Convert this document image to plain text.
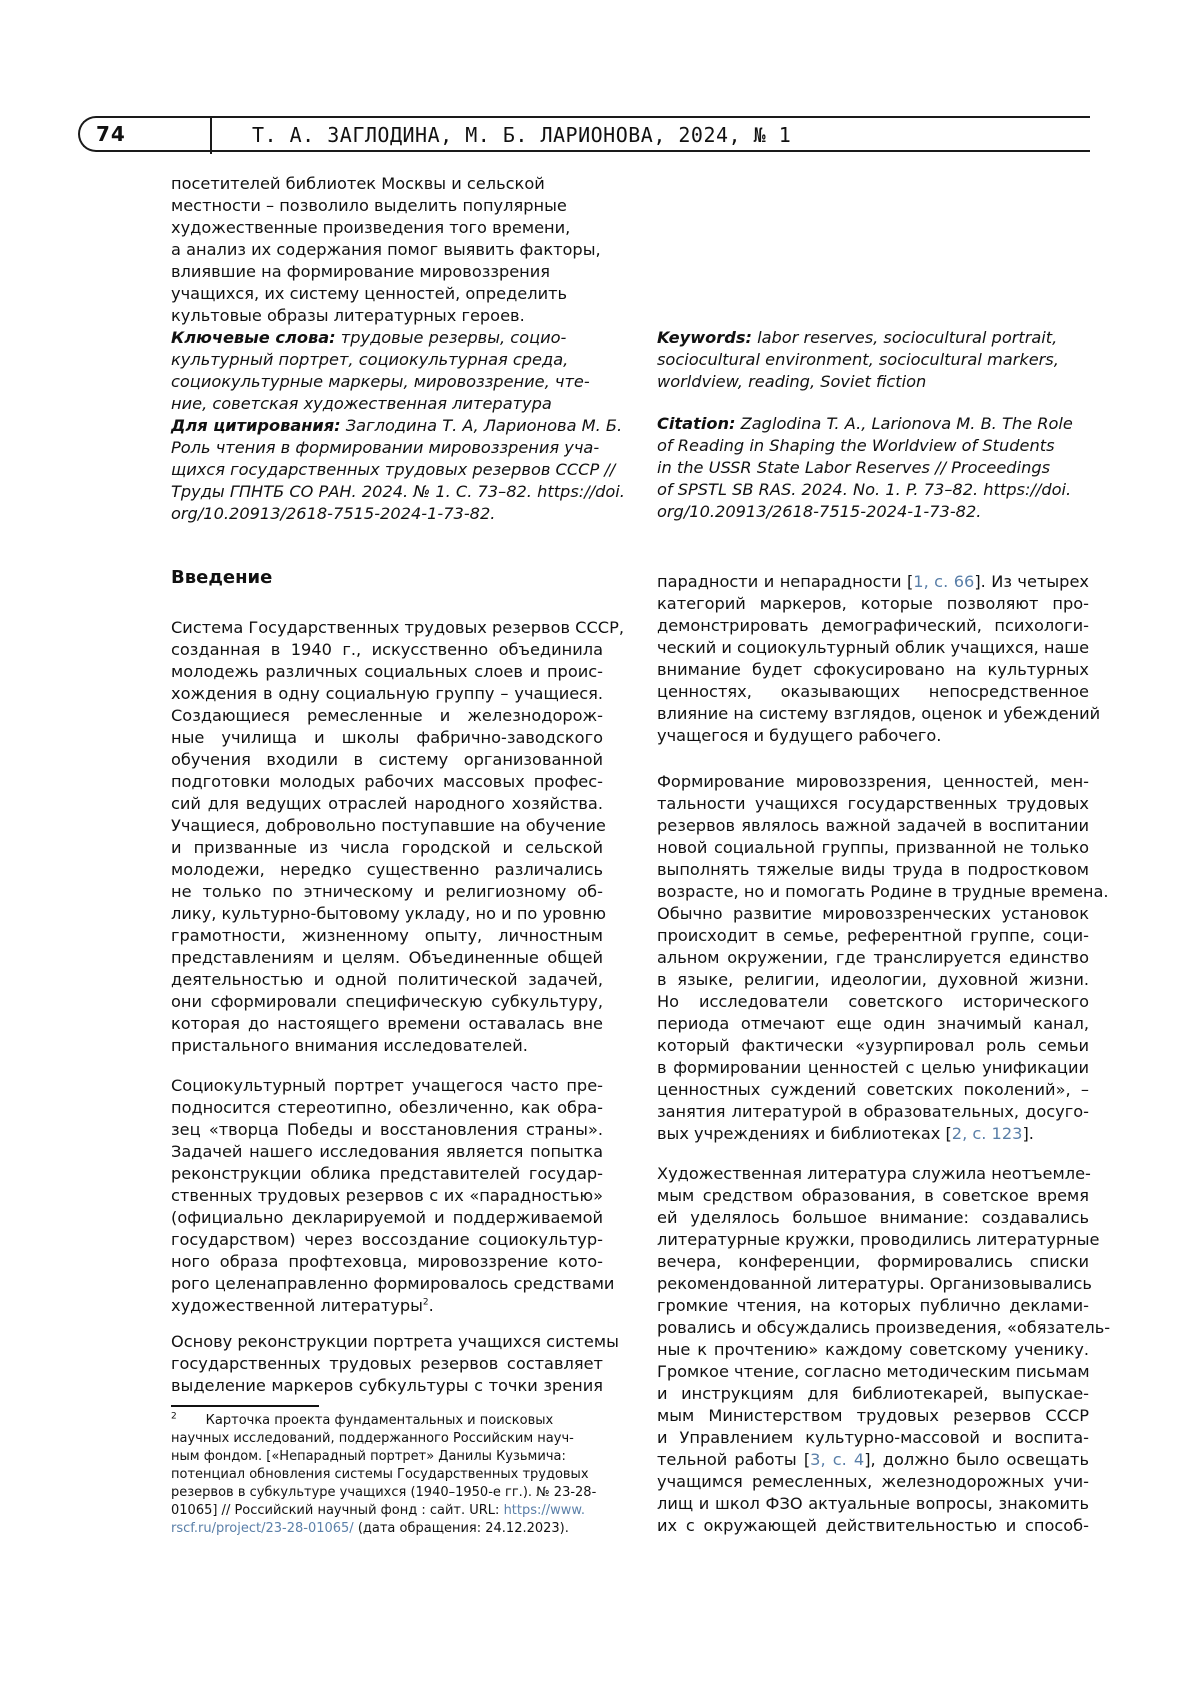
74	Т. А. ЗАГЛОДИНА, М. Б. ЛАРИОНОВА, 2024, № 1
посетителей библиотек Москвы и сельской
местности – позволило выделить популярные
художественные произведения того времени,
а анализ их содержания помог выявить факторы,
влиявшие на формирование мировоззрения
учащихся, их систему ценностей, определить
культовые образы литературных героев.
Ключевые слова: трудовые резервы, социо-
культурный портрет, социокультурная среда,
социокультурные маркеры, мировоззрение, чте-
ние, советская художественная литература
Для цитирования: Заглодина Т. А, Ларионова М. Б.
Роль чтения в формировании мировоззрения уча-
щихся государственных трудовых резервов СССР //
Труды ГПНТБ СО РАН. 2024. № 1. С. 73–82. https://doi.
org/10.20913/2618-7515-2024-1-73-82.
Keywords: labor reserves, sociocultural portrait,
sociocultural environment, sociocultural markers,
worldview, reading, Soviet fiction
Citation: Zaglodina T. A., Larionova M. B. The Role
of Reading in Shaping the Worldview of Students
in the USSR State Labor Reserves // Proceedings
of SPSTL SB RAS. 2024. No. 1. P. 73–82. https://doi.
org/10.20913/2618-7515-2024-1-73-82.
Введение
Система Государственных трудовых резервов СССР,
созданная в 1940 г., искусственно объединила
молодежь различных социальных слоев и проис-
хождения в одну социальную группу – учащиеся.
Создающиеся ремесленные и железнодорож-
ные училища и школы фабрично-заводского
обучения входили в систему организованной
подготовки молодых рабочих массовых профес-
сий для ведущих отраслей народного хозяйства.
Учащиеся, добровольно поступавшие на обучение
и призванные из числа городской и сельской
молодежи, нередко существенно различались
не только по этническому и религиозному об-
лику, культурно-бытовому укладу, но и по уровню
грамотности, жизненному опыту, личностным
представлениям и целям. Объединенные общей
деятельностью и одной политической задачей,
они сформировали специфическую субкультуру,
которая до настоящего времени оставалась вне
пристального внимания исследователей.
Социокультурный портрет учащегося часто пре-
подносится стереотипно, обезличенно, как обра-
зец «творца Победы и восстановления страны».
Задачей нашего исследования является попытка
реконструкции облика представителей государ-
ственных трудовых резервов с их «парадностью»
(официально декларируемой и поддерживаемой
государством) через воссоздание социокультур-
ного образа профтеховца, мировоззрение кото-
рого целенаправленно формировалось средствами
художественной литературы$^2$.
Основу реконструкции портрета учащихся системы
государственных трудовых резервов составляет
выделение маркеров субкультуры с точки зрения
$^2$ Карточка проекта фундаментальных и поисковых
научных исследований, поддержанного Российским науч-
ным фондом. [«Непарадный портрет» Данилы Кузьмича:
потенциал обновления системы Государственных трудовых
резервов в субкультуре учащихся (1940–1950-е гг.). № 23-28-
01065] // Российский научный фонд : сайт. URL: https://www.
rscf.ru/project/23-28-01065/ (дата обращения: 24.12.2023).
парадности и непарадности [1, с. 66]. Из четырех
категорий маркеров, которые позволяют про-
демонстрировать демографический, психологи-
ческий и социокультурный облик учащихся, наше
внимание будет сфокусировано на культурных
ценностях, оказывающих непосредственное
влияние на систему взглядов, оценок и убеждений
учащегося и будущего рабочего.
Формирование мировоззрения, ценностей, мен-
тальности учащихся государственных трудовых
резервов являлось важной задачей в воспитании
новой социальной группы, призванной не только
выполнять тяжелые виды труда в подростковом
возрасте, но и помогать Родине в трудные времена.
Обычно развитие мировоззренческих установок
происходит в семье, референтной группе, соци-
альном окружении, где транслируется единство
в языке, религии, идеологии, духовной жизни.
Но исследователи советского исторического
периода отмечают еще один значимый канал,
который фактически «узурпировал роль семьи
в формировании ценностей с целью унификации
ценностных суждений советских поколений», –
занятия литературой в образовательных, досуго-
вых учреждениях и библиотеках [2, с. 123].
Художественная литература служила неотъемле-
мым средством образования, в советское время
ей уделялось большое внимание: создавались
литературные кружки, проводились литературные
вечера, конференции, формировались списки
рекомендованной литературы. Организовывались
громкие чтения, на которых публично деклами-
ровались и обсуждались произведения, «обязатель-
ные к прочтению» каждому советскому ученику.
Громкое чтение, согласно методическим письмам
и инструкциям для библиотекарей, выпускае-
мым Министерством трудовых резервов СССР
и Управлением культурно-массовой и воспита-
тельной работы [3, с. 4], должно было освещать
учащимся ремесленных, железнодорожных учи-
лищ и школ ФЗО актуальные вопросы, знакомить
их с окружающей действительностью и способ-
